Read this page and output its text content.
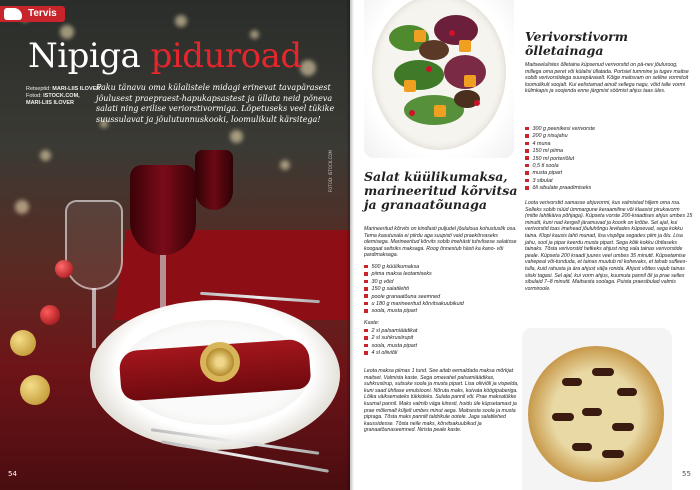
Tervis
Nipiga piduroad
Retseptid: MARI-LIIS ILOVER
Fotod: ISTOCK.COM,
MARI-LIIS ILOVER

Paku tänavu oma külalistele midagi erinevat tavapärasest jõulusest praepraest-hapukapsastest ja üllata neid põneva salati ning erilise veriorstivormiga. Lõpetuseks veel tükike suussulavat ja jõulutunnuskooki, loomulikult kärsitega!

FOTOD: ISTOCK.COM
54
Verivorstivorm õlletainaga

Maitseelulistes õlletaina küpsenud verivorstid on pä-nev jõuluroog, millega oma peret või külalisi üllatada. Portsiel tummine ja tugev maitse sobib verivorstidega suurepäraselt. Kõige maitsvam on selline vormitoit loomulikult soojalt. Kui eelistamad ainult sellega nagu, võid talle vormi külmkapis ja soojenda enne järgmist söömist ahjus taas üles.

300 g peenikesi verivorste
200 g nisujahu
4 muna
150 ml piima
150 ml porteriõlut
0,5 tl soola
musta pipart
3 sibulat
õli sibulate praadimiseks

Loota verivorstid samasse ahjuvormi, kus valmistad hiljem oma roa. Selleks sobib nüüd ümmargune keraamiline või klaasist pirukavorm (mitte lahtikäiva põhjaga). Küpseta vorste 200-kraadises ahjus umbes 15 minutit, kuni nad kergelt järamuvad ja koorik on krõbe. Sel ajal, kui verivorstid toas imehead jõuluhõngu levitades küpsevad, sega kokku taina. Klopi kausis lahti munad, lisa vispliga segades piim ja õlu. Lisa jahu, sool ja pipar keerdu musta pipart. Sega kõik kokku ühtlaseks tainaks. Tõsta verivorstid hetkeks ahjust ning vala tainas verivorstide peale. Küpseta 200 kraadi juures veel umbes 35 minutit. Küpsetamise vahepeal või-tunduda, et tainas muutub nii kohevaks, et tahab suflees-tulla, kuid rahusta ja ära ahjust välja ronida. Ahjust võttes vajub tainas siiski tagasi. Sel ajal, kui vorm ahjus, kuumuta pannil õli ja prae selles sibulaid 7–8 minutit. Maitsesta soolaga. Puista praesibulad valmis vormiroole.

Salat küülikumaksa, marineeritud kõrvitsa ja granaatõunaga

Marineeritud kõrvits on kindlasti puljudel jõululoua kohustuslik osa. Tema kasutusala ei piirdu aga suupisti vaid praekõrvaseks olemisega. Marineeritud kõrvits sobib imehästi tuhvlisese salatisse koogaat seltsiks maksaga. Roog õnnestub hästi ka kano- või pardimaksaga.

500 g küülikumaksa
piima maksa leotamiseks
30 g võid
150 g salatilehti
poole granaatõuna seemned
u 180 g marineeritud kõrvitsakuubikuid
soola, musta pipart
Kaste:
2 sl palsamiäädikat
2 sl suhkrusiirupit
soola, musta pipart
4 sl oliiviõli

Leota maksa piimas 1 tund. See aitab eemaldada maksa mõrkjat maitset. Valmista kaste. Sega omavahel palsamiäädikas, suhkrusiirup, sutsuke soola ja musta pipart. Lisa oliiviõli ja vispelda, kuni saad ühtlase emulsiooni. Nõruta maks, kuivata köögipaberiga. Lõika väiksemateks tükkideks. Sulata pannil või. Prae maksatükke kuumal pannil. Maks valmib väga kiiresti, hoidu üle küpsetamast ja prae mõlemalt küljelt umbes minut aega. Maitsesta soola ja musta pipraga. Tõsta maks pannilt taldrikule ootele. Jaga salatilehed kaussidesse. Tõsta neile maks, kõrvitsakuubikud ja granaatõunaseemned. Nirista peale kaste.

55
